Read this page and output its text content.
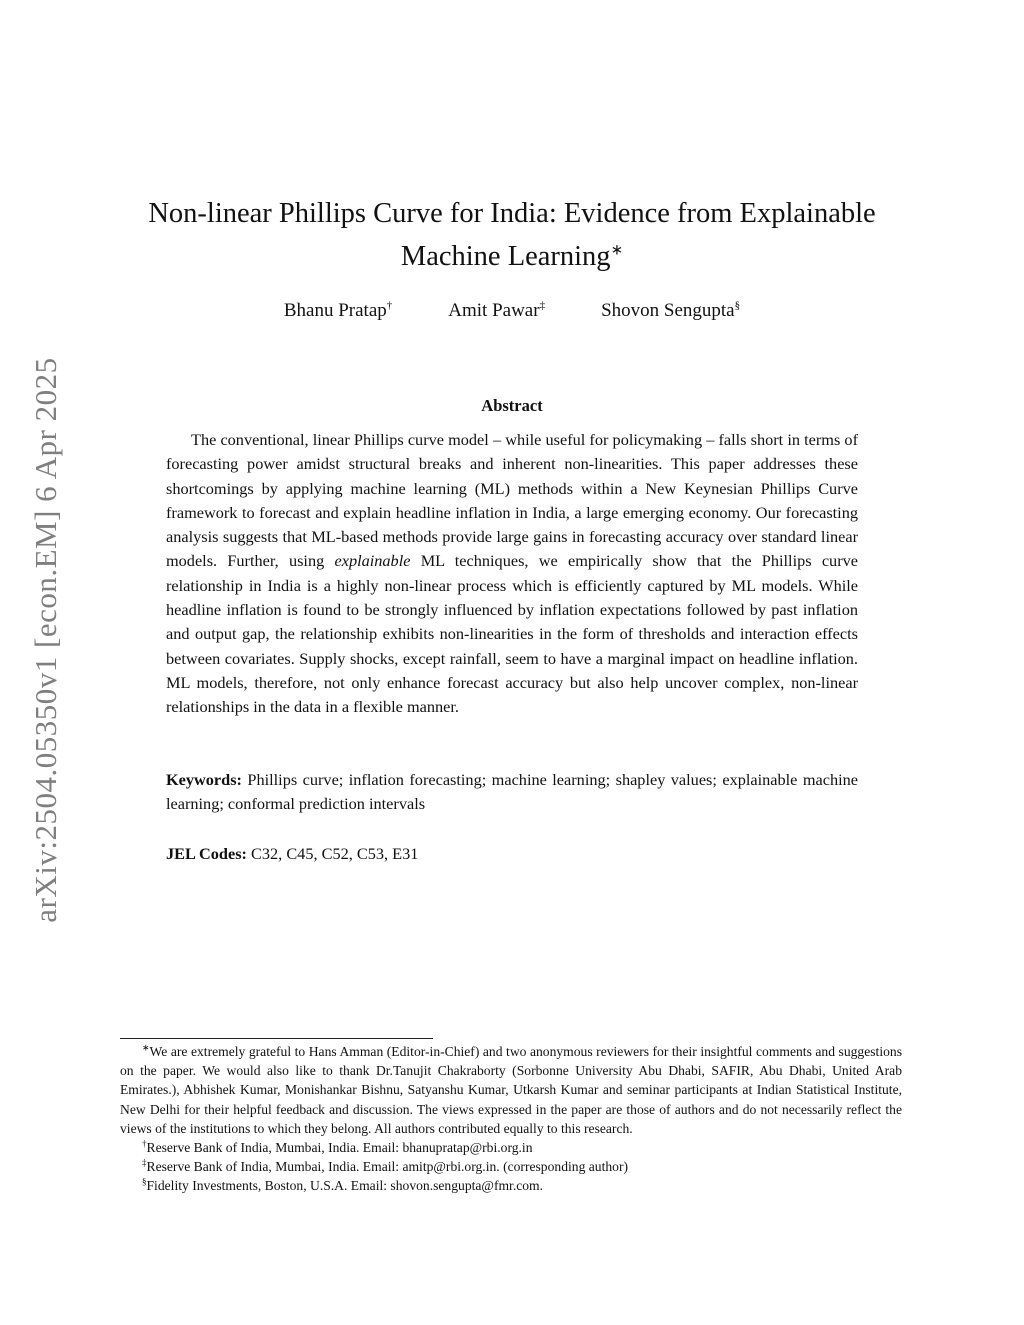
arXiv:2504.05350v1 [econ.EM] 6 Apr 2025
Non-linear Phillips Curve for India: Evidence from Explainable Machine Learning∗
Bhanu Pratap†	Amit Pawar‡	Shovon Sengupta§
Abstract

The conventional, linear Phillips curve model – while useful for policymaking – falls short in terms of forecasting power amidst structural breaks and inherent non-linearities. This paper addresses these shortcomings by applying machine learning (ML) methods within a New Keynesian Phillips Curve framework to forecast and explain headline inflation in India, a large emerging economy. Our forecasting analysis suggests that ML-based methods provide large gains in forecasting accuracy over standard linear models. Further, using explainable ML techniques, we empirically show that the Phillips curve relationship in India is a highly non-linear process which is efficiently captured by ML models. While headline inflation is found to be strongly influenced by inflation expectations followed by past inflation and output gap, the relationship exhibits non-linearities in the form of thresholds and interaction effects between covariates. Supply shocks, except rainfall, seem to have a marginal impact on headline inflation. ML models, therefore, not only enhance forecast accuracy but also help uncover complex, non-linear relationships in the data in a flexible manner.

Keywords: Phillips curve; inflation forecasting; machine learning; shapley values; explainable machine learning; conformal prediction intervals

JEL Codes: C32, C45, C52, C53, E31

∗We are extremely grateful to Hans Amman (Editor-in-Chief) and two anonymous reviewers for their insightful comments and suggestions on the paper. We would also like to thank Dr.Tanujit Chakraborty (Sorbonne University Abu Dhabi, SAFIR, Abu Dhabi, United Arab Emirates.), Abhishek Kumar, Monishankar Bishnu, Satyanshu Kumar, Utkarsh Kumar and seminar participants at Indian Statistical Institute, New Delhi for their helpful feedback and discussion. The views expressed in the paper are those of authors and do not necessarily reflect the views of the institutions to which they belong. All authors contributed equally to this research.

†Reserve Bank of India, Mumbai, India. Email: bhanupratap@rbi.org.in

‡Reserve Bank of India, Mumbai, India. Email: amitp@rbi.org.in. (corresponding author)

§Fidelity Investments, Boston, U.S.A. Email: shovon.sengupta@fmr.com.
